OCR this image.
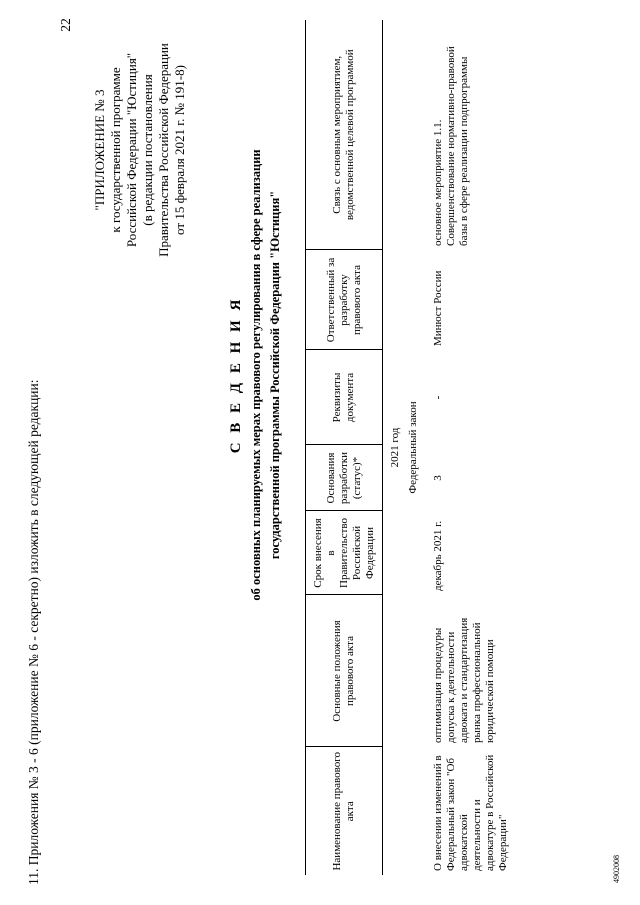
11. Приложения № 3 - 6 (приложение № 6 - секретно) изложить в следующей редакции:
22
"ПРИЛОЖЕНИЕ № 3 к государственной программе Российской Федерации "Юстиция" (в редакции постановления Правительства Российской Федерации от 15 февраля 2021 г. № 191-8)
С В Е Д Е Н И Я об основных планируемых мерах правового регулирования в сфере реализации государственной программы Российской Федерации "Юстиция"
Наименование правового акта	Основные положения правового акта	Срок внесения в Правительство Российской Федерации	Основания разработки (статус)*	Реквизиты документа	Ответственный за разработку правового акта	Связь с основным мероприятием, ведомственной целевой программой
2021 год						
Федеральный закон						
О внесении изменений в Федеральный закон "Об адвокатской деятельности и адвокатуре в Российской Федерации"	оптимизация процедуры допуска к деятельности адвоката и стандартизация рынка профессиональной юридической помощи	декабрь 2021 г.	3	-	Минюст России	основное мероприятие 1.1. Совершенствование нормативно-правовой базы в сфере реализации подпрограммы
4902008
